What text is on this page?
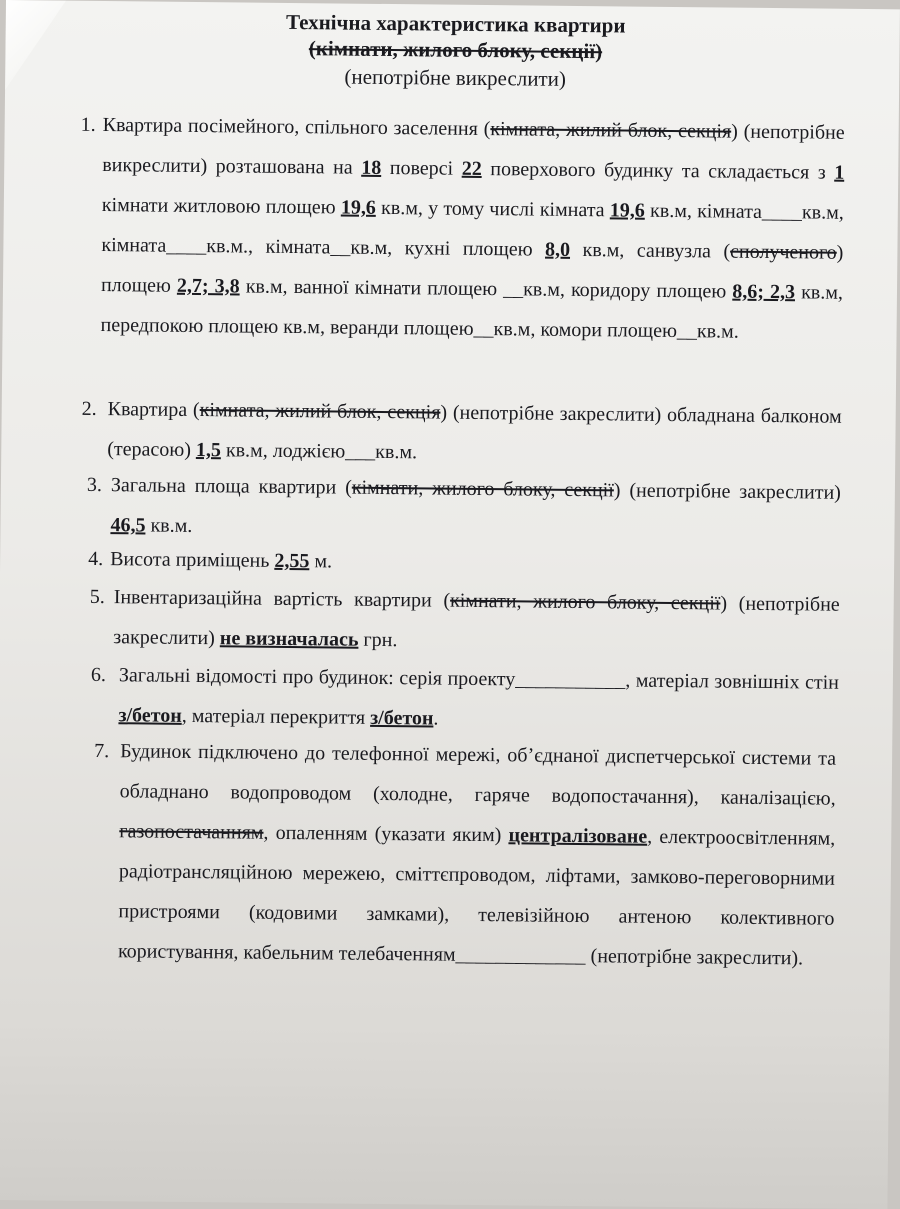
Технічна характеристика квартири
(кімнати, жилого блоку, секції)
(непотрібне викреслити)
1. Квартира посімейного, спільного заселення (кімната, жилий блок, секція) (непотрібне викреслити) розташована на 18 поверсі 22 поверхового будинку та складається з 1 кімнати житловою площею 19,6 кв.м, у тому числі кімната 19,6 кв.м, кімната____кв.м, кімната____кв.м., кімната__кв.м, кухні площею 8,0 кв.м, санвузла (сполученого) площею 2,7; 3,8 кв.м, ванної кімнати площею __кв.м, коридору площею 8,6; 2,3 кв.м, передпокою площею кв.м, веранди площею__кв.м, комори площею__кв.м.
2. Квартира (кімната, жилий блок, секція) (непотрібне закреслити) обладнана балконом (терасою) 1,5 кв.м, лоджією___кв.м.
3. Загальна площа квартири (кімнати, жилого блоку, секції) (непотрібне закреслити) 46,5 кв.м.
4. Висота приміщень 2,55 м.
5. Інвентаризаційна вартість квартири (кімнати, жилого блоку, секції) (непотрібне закреслити) не визначалась грн.
6. Загальні відомості про будинок: серія проекту___________, матеріал зовнішніх стін з/бетон, матеріал перекриття з/бетон.
7. Будинок підключено до телефонної мережі, об’єднаної диспетчерської системи та обладнано водопроводом (холодне, гаряче водопостачання), каналізацією, газопостачанням, опаленням (указати яким) централізоване, електроосвітленням, радіотрансляційною мережею, сміттєпроводом, ліфтами, замково-переговорними пристроями (кодовими замками), телевізійною антеною колективного користування, кабельним телебаченням_____________ (непотрібне закреслити).
